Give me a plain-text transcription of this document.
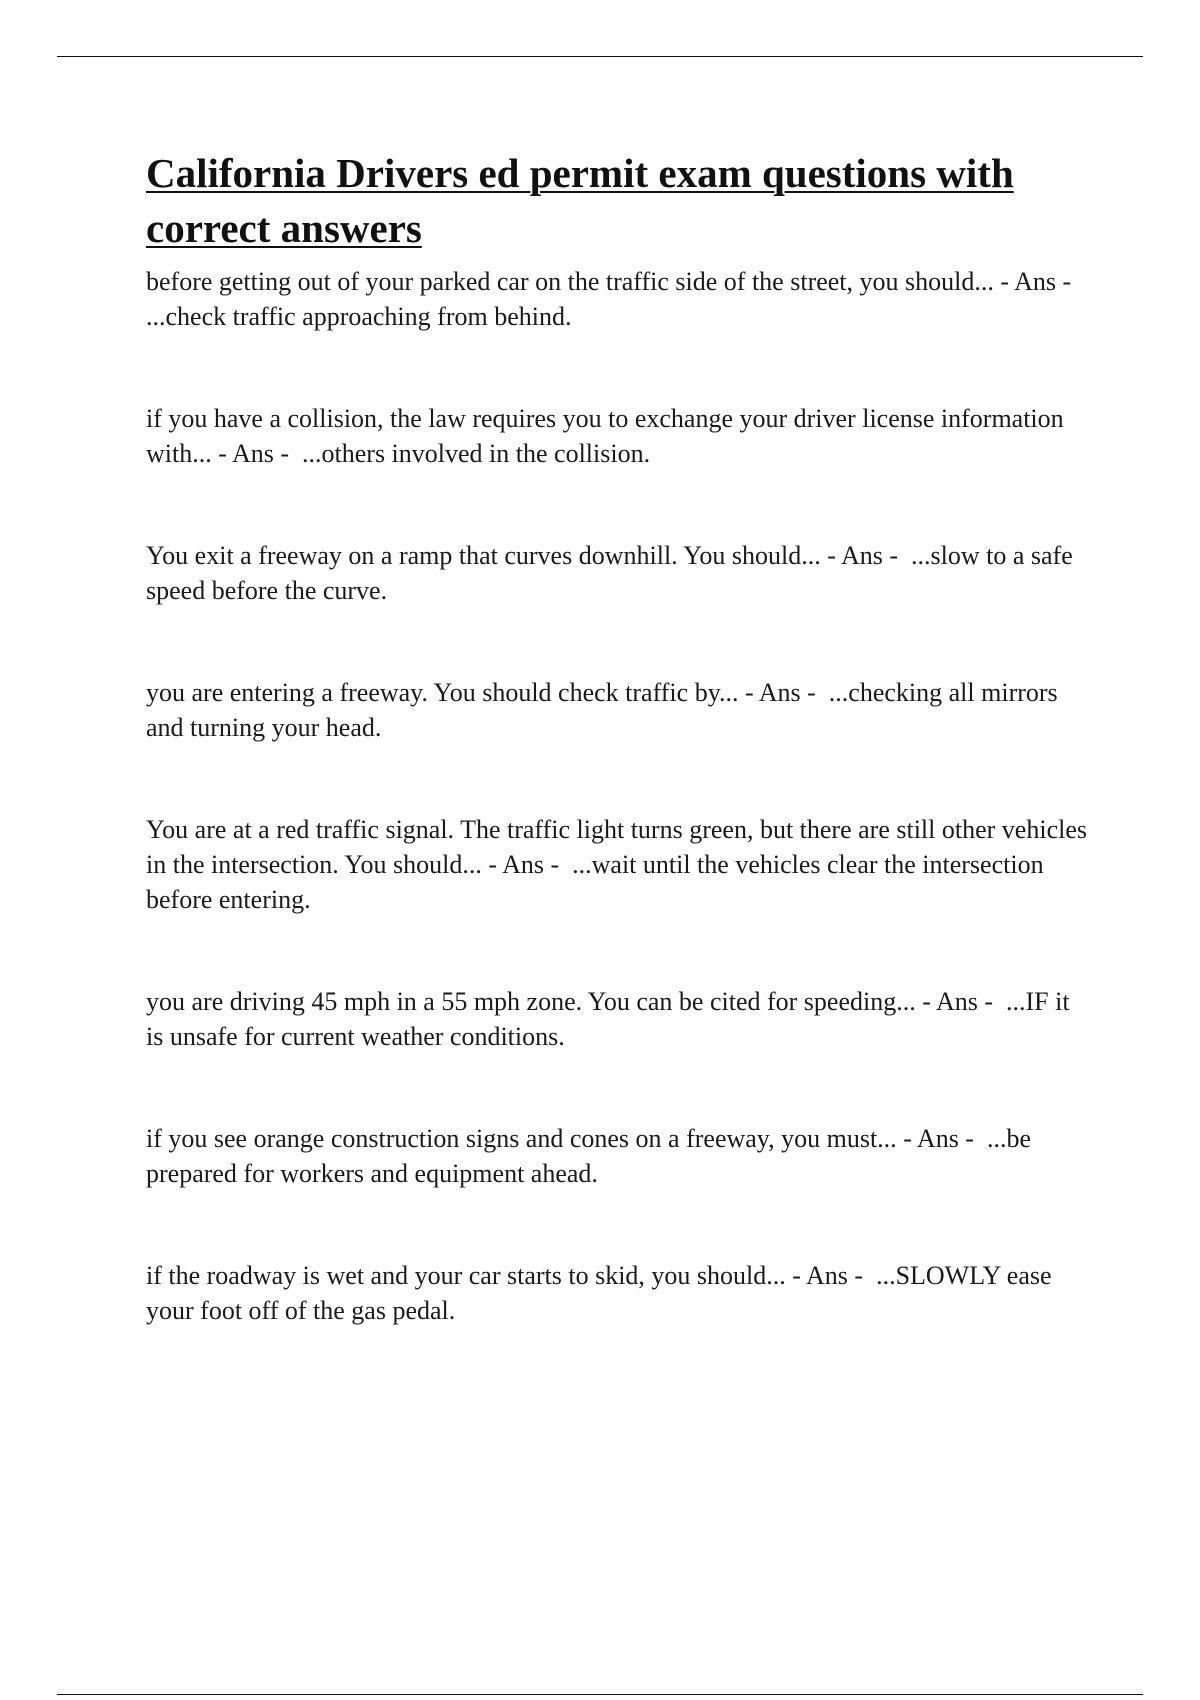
California Drivers ed permit exam questions with correct answers

before getting out of your parked car on the traffic side of the street, you should... - Ans -  ...check traffic approaching from behind.

if you have a collision, the law requires you to exchange your driver license information with... - Ans -  ...others involved in the collision.

You exit a freeway on a ramp that curves downhill. You should... - Ans -  ...slow to a safe speed before the curve.

you are entering a freeway. You should check traffic by... - Ans -  ...checking all mirrors and turning your head.

You are at a red traffic signal. The traffic light turns green, but there are still other vehicles in the intersection. You should... - Ans -  ...wait until the vehicles clear the intersection before entering.

you are driving 45 mph in a 55 mph zone. You can be cited for speeding... - Ans -  ...IF it is unsafe for current weather conditions.

if you see orange construction signs and cones on a freeway, you must... - Ans -  ...be prepared for workers and equipment ahead.

if the roadway is wet and your car starts to skid, you should... - Ans -  ...SLOWLY ease your foot off of the gas pedal.
